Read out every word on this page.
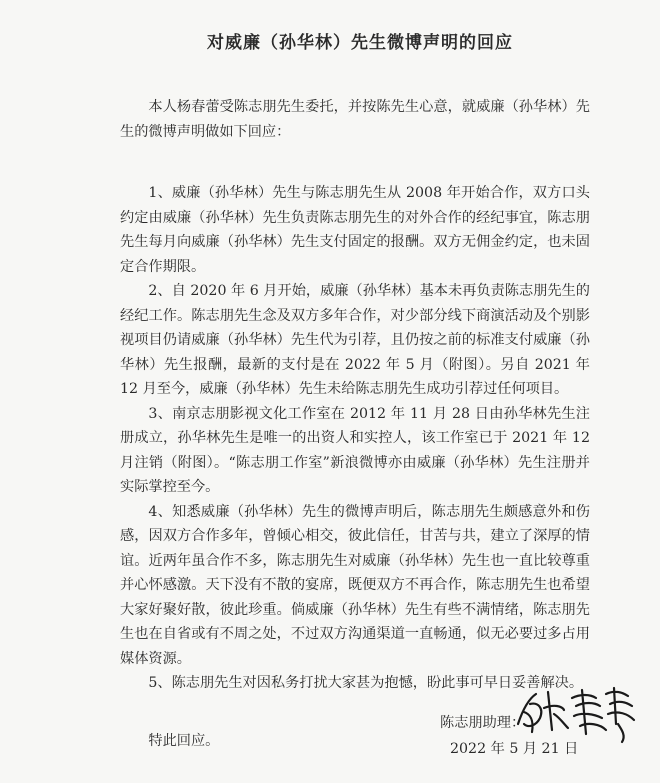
对威廉（孙华林）先生微博声明的回应

本人杨春蕾受陈志朋先生委托，并按陈先生心意，就威廉（孙华林）先生的微博声明做如下回应：

1、威廉（孙华林）先生与陈志朋先生从 2008 年开始合作，双方口头约定由威廉（孙华林）先生负责陈志朋先生的对外合作的经纪事宜，陈志朋先生每月向威廉（孙华林）先生支付固定的报酬。双方无佣金约定，也未固定合作期限。

2、自 2020 年 6 月开始，威廉（孙华林）基本未再负责陈志朋先生的经纪工作。陈志朋先生念及双方多年合作，对少部分线下商演活动及个别影视项目仍请威廉（孙华林）先生代为引荐，且仍按之前的标准支付威廉（孙华林）先生报酬，最新的支付是在 2022 年 5 月（附图）。另自 2021 年 12 月至今，威廉（孙华林）先生未给陈志朋先生成功引荐过任何项目。

3、南京志朋影视文化工作室在 2012 年 11 月 28 日由孙华林先生注册成立，孙华林先生是唯一的出资人和实控人，该工作室已于 2021 年 12 月注销（附图）。“陈志朋工作室”新浪微博亦由威廉（孙华林）先生注册并实际掌控至今。

4、知悉威廉（孙华林）先生的微博声明后，陈志朋先生颇感意外和伤感，因双方合作多年，曾倾心相交，彼此信任，甘苦与共，建立了深厚的情谊。近两年虽合作不多，陈志朋先生对威廉（孙华林）先生也一直比较尊重并心怀感激。天下没有不散的宴席，既便双方不再合作，陈志朋先生也希望大家好聚好散，彼此珍重。倘威廉（孙华林）先生有些不满情绪，陈志朋先生也在自省或有不周之处，不过双方沟通渠道一直畅通，似无必要过多占用媒体资源。

5、陈志朋先生对因私务打扰大家甚为抱憾，盼此事可早日妥善解决。

特此回应。

陈志朋助理：
2022 年 5 月 21 日
